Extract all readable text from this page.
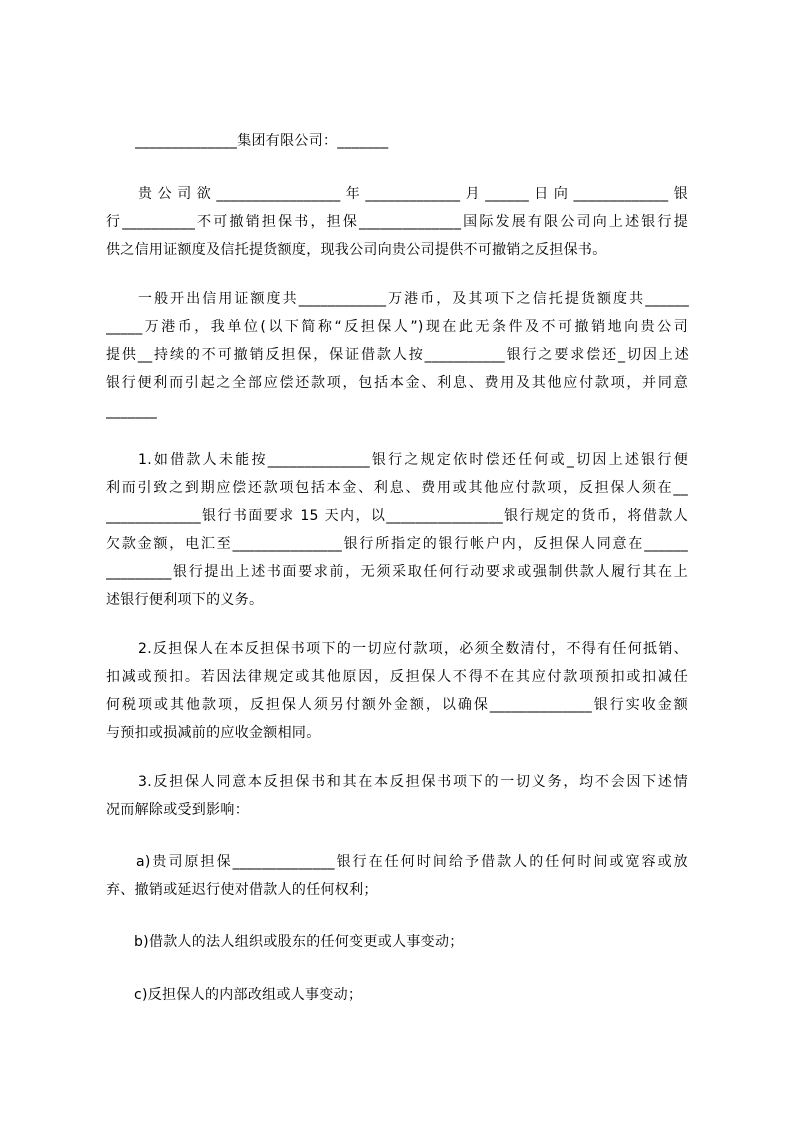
______________集团有限公司：_______
贵公司欲_________________年_____________月______日向_____________银
行__________不可撤销担保书，担保______________国际发展有限公司向上述银行提
供之信用证额度及信托提货额度，现我公司向贵公司提供不可撤销之反担保书。
一般开出信用证额度共____________万港币，及其项下之信托提货额度共______
_____万港币，我单位(以下简称“反担保人”)现在此无条件及不可撤销地向贵公司
提供__持续的不可撤销反担保，保证借款人按___________银行之要求偿还_切因上述
银行便利而引起之全部应偿还款项，包括本金、利息、费用及其他应付款项，并同意
_______
1.如借款人未能按______________银行之规定依时偿还任何或_切因上述银行便
利而引致之到期应偿还款项包括本金、利息、费用或其他应付款项，反担保人须在__
_____________银行书面要求 15 天内，以________________银行规定的货币，将借款人
欠款金额，电汇至_______________银行所指定的银行帐户内，反担保人同意在______
_________银行提出上述书面要求前，无须采取任何行动要求或强制供款人履行其在上
述银行便利项下的义务。
2.反担保人在本反担保书项下的一切应付款项，必须全数清付，不得有任何抵销、
扣减或预扣。若因法律规定或其他原因，反担保人不得不在其应付款项预扣或扣减任
何税项或其他款项，反担保人须另付额外金额，以确保______________银行实收金额
与预扣或损减前的应收金额相同。
3.反担保人同意本反担保书和其在本反担保书项下的一切义务，均不会因下述情
况而解除或受到影响：
a)贵司原担保______________银行在任何时间给予借款人的任何时间或宽容或放
弃、撤销或延迟行使对借款人的任何权利；
b)借款人的法人组织或股东的任何变更或人事变动；
c)反担保人的内部改组或人事变动；
